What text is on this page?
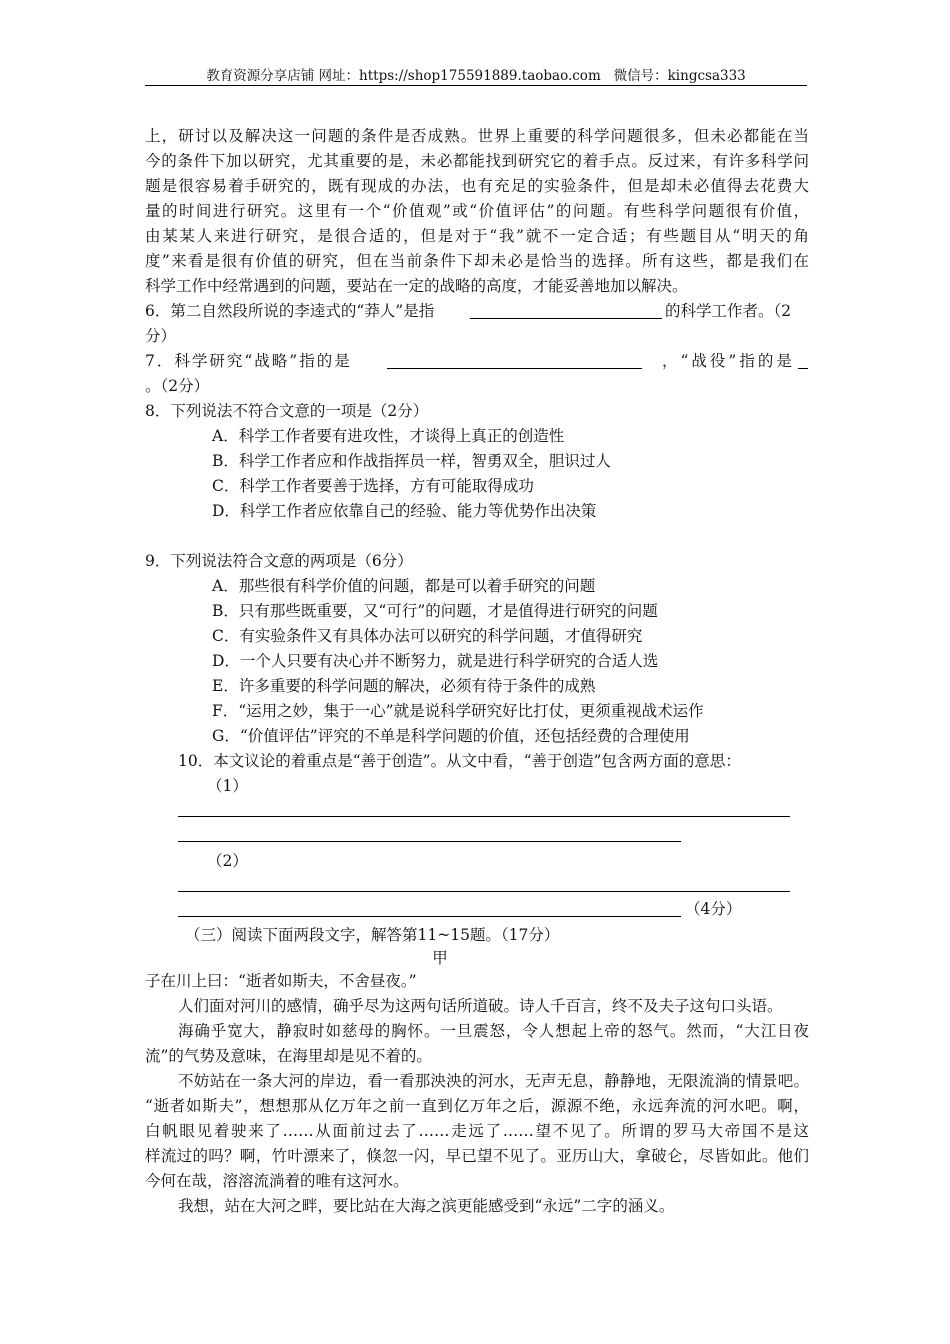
教育资源分享店铺 网址：https://shop175591889.taobao.com 微信号：kingcsa333
上，研讨以及解决这一问题的条件是否成熟。世界上重要的科学问题很多，但未必都能在当
今的条件下加以研究，尤其重要的是，未必都能找到研究它的着手点。反过来，有许多科学问
题是很容易着手研究的，既有现成的办法，也有充足的实验条件，但是却未必值得去花费大
量的时间进行研究。这里有一个“价值观”或“价值评估”的问题。有些科学问题很有价值，
由某某人来进行研究，是很合适的，但是对于“我”就不一定合适；有些题目从“明天的角
度”来看是很有价值的研究，但在当前条件下却未必是恰当的选择。所有这些，都是我们在
科学工作中经常遇到的问题，要站在一定的战略的高度，才能妥善地加以解决。
6．第二自然段所说的李逵式的“莽人”是指	的科学工作者。（2
分）
7．科学研究“战略”指的是	，“战役”指的是
。（2分）
8．下列说法不符合文意的一项是（2分）
A．科学工作者要有进攻性，才谈得上真正的创造性
B．科学工作者应和作战指挥员一样，智勇双全，胆识过人
C．科学工作者要善于选择，方有可能取得成功
D．科学工作者应依靠自己的经验、能力等优势作出决策
9．下列说法符合文意的两项是（6分）
A．那些很有科学价值的问题，都是可以着手研究的问题
B．只有那些既重要，又“可行”的问题，才是值得进行研究的问题
C．有实验条件又有具体办法可以研究的科学问题，才值得研究
D．一个人只要有决心并不断努力，就是进行科学研究的合适人选
E．许多重要的科学问题的解决，必须有待于条件的成熟
F．“运用之妙，集于一心”就是说科学研究好比打仗，更须重视战术运作
G．“价值评估”评究的不单是科学问题的价值，还包括经费的合理使用
10．本文议论的着重点是“善于创造”。从文中看，“善于创造”包含两方面的意思：
（1）
（2）
（4分）
（三）阅读下面两段文字，解答第11~15题。（17分）
甲
子在川上曰：“逝者如斯夫，不舍昼夜。”
人们面对河川的感情，确乎尽为这两句话所道破。诗人千百言，终不及夫子这句口头语。
海确乎宽大，静寂时如慈母的胸怀。一旦震怒，令人想起上帝的怒气。然而，“大江日夜
流”的气势及意味，在海里却是见不着的。
不妨站在一条大河的岸边，看一看那泱泱的河水，无声无息，静静地，无限流淌的情景吧。
“逝者如斯夫”，想想那从亿万年之前一直到亿万年之后，源源不绝，永远奔流的河水吧。啊，
白帆眼见着驶来了……从面前过去了……走远了……望不见了。所谓的罗马大帝国不是这
样流过的吗？啊，竹叶漂来了，倏忽一闪，早已望不见了。亚历山大，拿破仑，尽皆如此。他们
今何在哉，溶溶流淌着的唯有这河水。
我想，站在大河之畔，要比站在大海之滨更能感受到“永远”二字的涵义。
